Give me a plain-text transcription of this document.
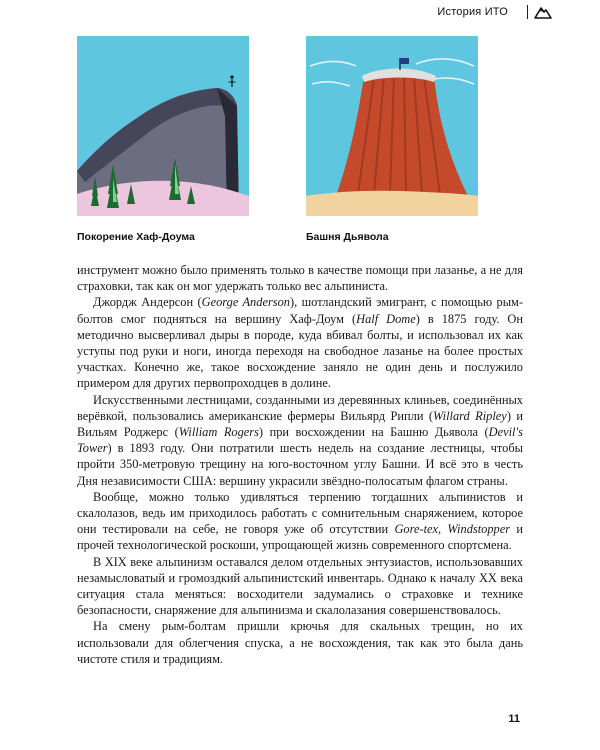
История ИТО
Покорение Хаф-Доума	Башня Дьявола

инструмент можно было применять только в качестве помощи при лазанье, а не для страховки, так как он мог удержать только вес альпиниста.

Джордж Андерсон (George Anderson), шотландский эмигрант, с помощью рым-болтов смог подняться на вершину Хаф-Доум (Half Dome) в 1875 году. Он методично высверливал дыры в породе, куда вбивал болты, и использовал их как уступы под руки и ноги, иногда переходя на свободное лазанье на более простых участках. Конечно же, такое восхождение заняло не один день и послужило примером для других первопроходцев в долине.

Искусственными лестницами, созданными из деревянных клиньев, соединённых верёвкой, пользовались американские фермеры Вильярд Рипли (Willard Ripley) и Вильям Роджерс (William Rogers) при восхождении на Башню Дьявола (Devil's Tower) в 1893 году. Они потратили шесть недель на создание лестницы, чтобы пройти 350-метровую трещину на юго-восточном углу Башни. И всё это в честь Дня независимости США: вершину украсили звёздно-полосатым флагом страны.

Вообще, можно только удивляться терпению тогдашних альпинистов и скалолазов, ведь им приходилось работать с сомнительным снаряжением, которое они тестировали на себе, не говоря уже об отсутствии Gore-tex, Windstopper и прочей технологической роскоши, упрощающей жизнь современного спортсмена.

В XIX веке альпинизм оставался делом отдельных энтузиастов, использовавших незамысловатый и громоздкий альпинистский инвентарь. Однако к началу XX века ситуация стала меняться: восходители задумались о страховке и технике безопасности, снаряжение для альпинизма и скалолазания совершенствовалось.

На смену рым-болтам пришли крючья для скальных трещин, но их использовали для облегчения спуска, а не восхождения, так как это была дань чистоте стиля и традициям.

11
